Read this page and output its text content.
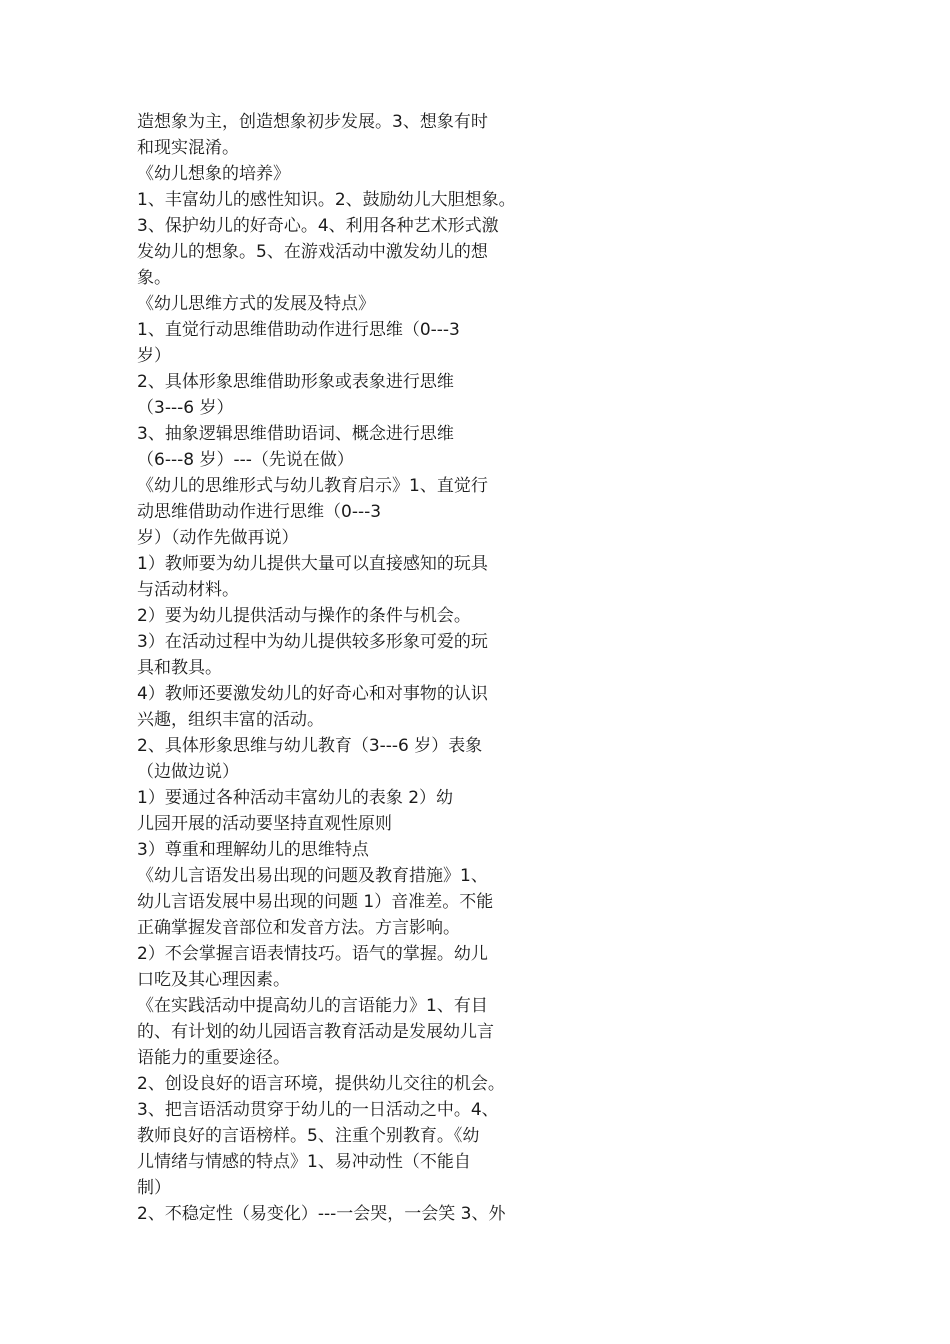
造想象为主，创造想象初步发展。3、想象有时
和现实混淆。
《幼儿想象的培养》
1、丰富幼儿的感性知识。2、鼓励幼儿大胆想象。
3、保护幼儿的好奇心。4、利用各种艺术形式激
发幼儿的想象。5、在游戏活动中激发幼儿的想
象。
《幼儿思维方式的发展及特点》
1、直觉行动思维借助动作进行思维（0---3
岁）
2、具体形象思维借助形象或表象进行思维
（3---6 岁）
3、抽象逻辑思维借助语词、概念进行思维
（6---8 岁）---（先说在做）
《幼儿的思维形式与幼儿教育启示》1、直觉行
动思维借助动作进行思维（0---3
岁）（动作先做再说）
1）教师要为幼儿提供大量可以直接感知的玩具
与活动材料。
2）要为幼儿提供活动与操作的条件与机会。
3）在活动过程中为幼儿提供较多形象可爱的玩
具和教具。
4）教师还要激发幼儿的好奇心和对事物的认识
兴趣，组织丰富的活动。
2、具体形象思维与幼儿教育（3---6 岁）表象
（边做边说）
1）要通过各种活动丰富幼儿的表象 2）幼
儿园开展的活动要坚持直观性原则
3）尊重和理解幼儿的思维特点
《幼儿言语发出易出现的问题及教育措施》1、
幼儿言语发展中易出现的问题 1）音准差。不能
正确掌握发音部位和发音方法。方言影响。
2）不会掌握言语表情技巧。语气的掌握。幼儿
口吃及其心理因素。
《在实践活动中提高幼儿的言语能力》1、有目
的、有计划的幼儿园语言教育活动是发展幼儿言
语能力的重要途径。
2、创设良好的语言环境，提供幼儿交往的机会。
3、把言语活动贯穿于幼儿的一日活动之中。4、
教师良好的言语榜样。5、注重个别教育。《幼
儿情绪与情感的特点》1、易冲动性（不能自
制）
2、不稳定性（易变化）---一会哭，一会笑 3、外
